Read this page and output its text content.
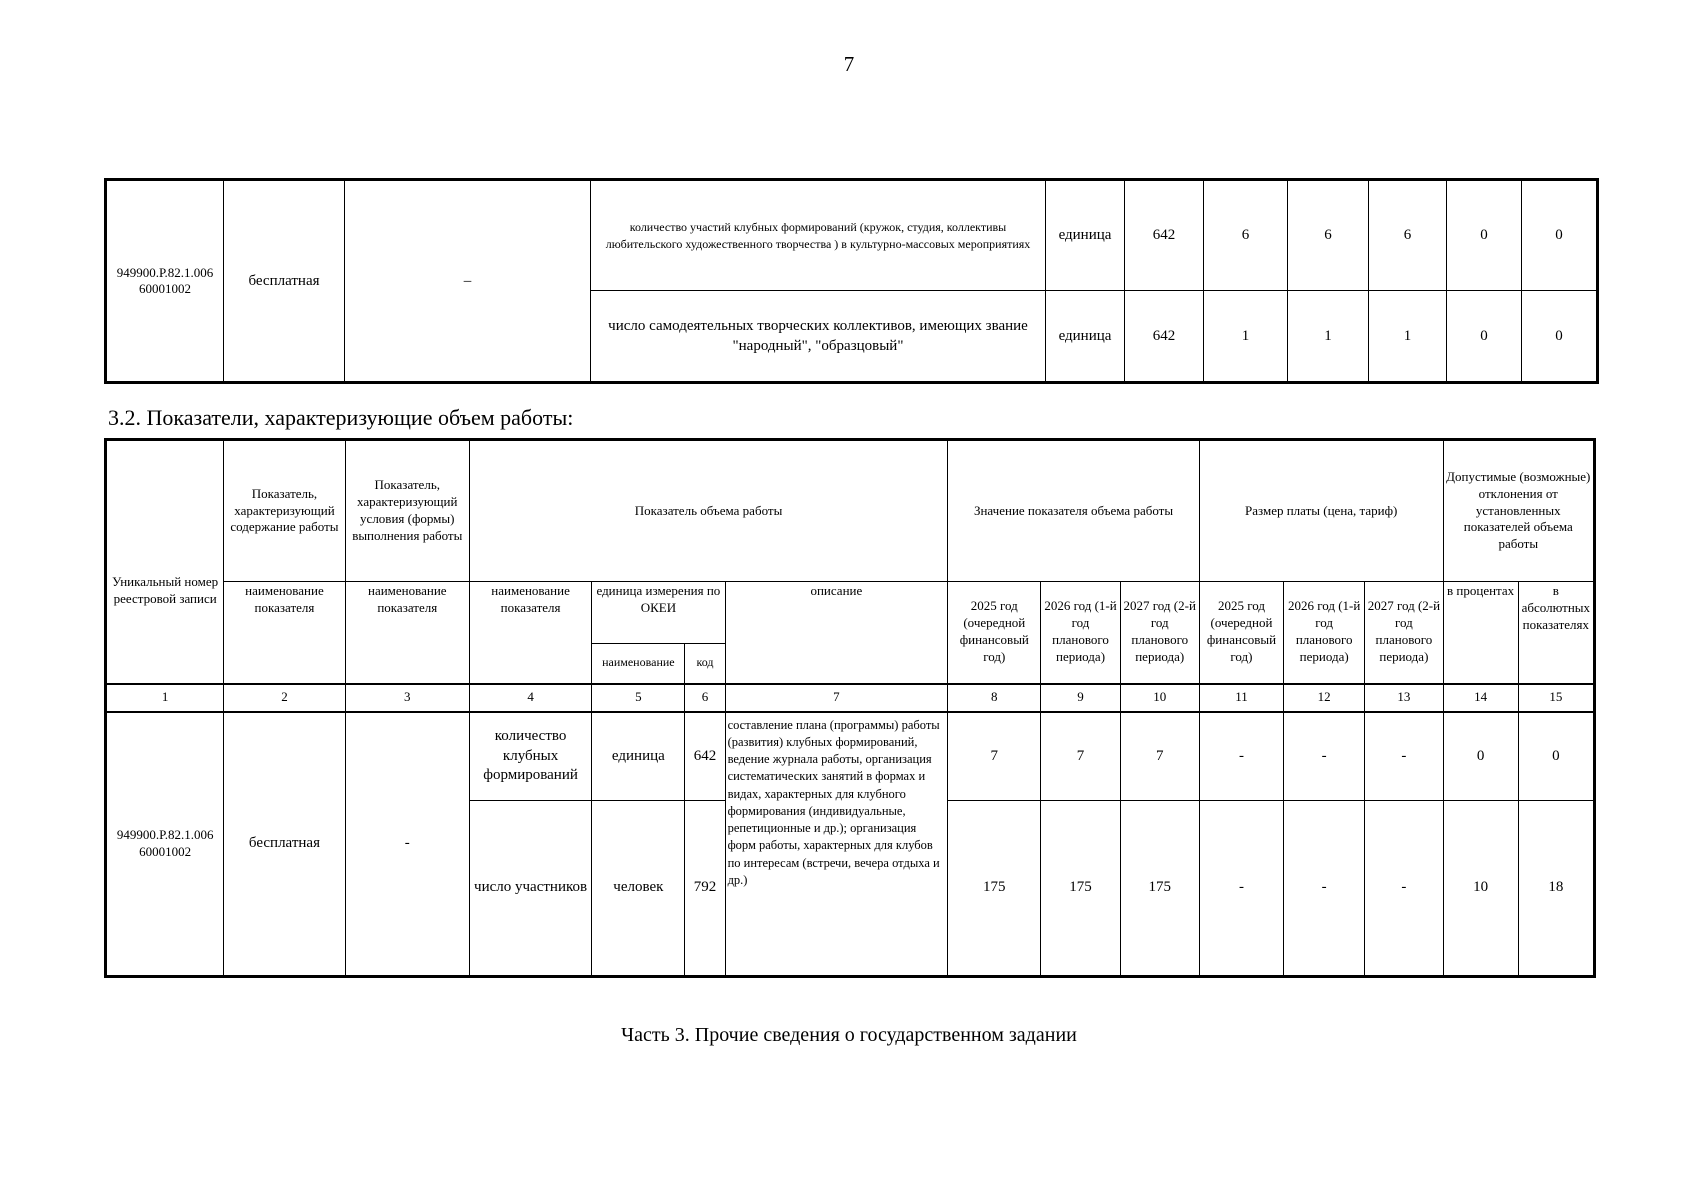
7
949900.Р.82.1.006 60001002	бесплатная	–	количество участий клубных формирований (кружок, студия, коллективы любительского художественного творчества ) в культурно-массовых мероприятиях	единица	642	6	6	6	0	0
			число самодеятельных творческих коллективов, имеющих звание "народный", "образцовый"	единица	642	1	1	1	0	0
3.2. Показатели, характеризующие объем работы:
Уникальный номер реестровой записи	Показатель, характеризующий содержание работы	Показатель, характеризующий условия (формы) выполнения работы	Показатель объема работы				Значение показателя объема работы			Размер платы (цена, тариф)			Допустимые (возможные) отклонения от установленных показателей объема работы	
	наименование показателя	наименование показателя	наименование показателя	единица измерения по ОКЕИ		описание	2025 год (очередной финансовый год)	2026 год (1-й год планового периода)	2027 год (2-й год планового периода)	2025 год (очередной финансовый год)	2026 год (1-й год планового периода)	2027 год (2-й год планового периода)	в процентах	в абсолютных показателях
				наименование	код									
1	2	3	4	5	6	7	8	9	10	11	12	13	14	15
949900.Р.82.1.006 60001002	бесплатная	-	количество клубных формирований	единица	642	составление плана (программы) работы (развития) клубных формирований, ведение журнала работы, организация систематических занятий в формах и видах, характерных для клубного формирования (индивидуальные, репетиционные и др.); организация форм работы, характерных для клубов по интересам (встречи, вечера отдыха и др.)	7	7	7	-	-	-	0	0
			число участников	человек	792		175	175	175	-	-	-	10	18
Часть 3. Прочие сведения о государственном задании
